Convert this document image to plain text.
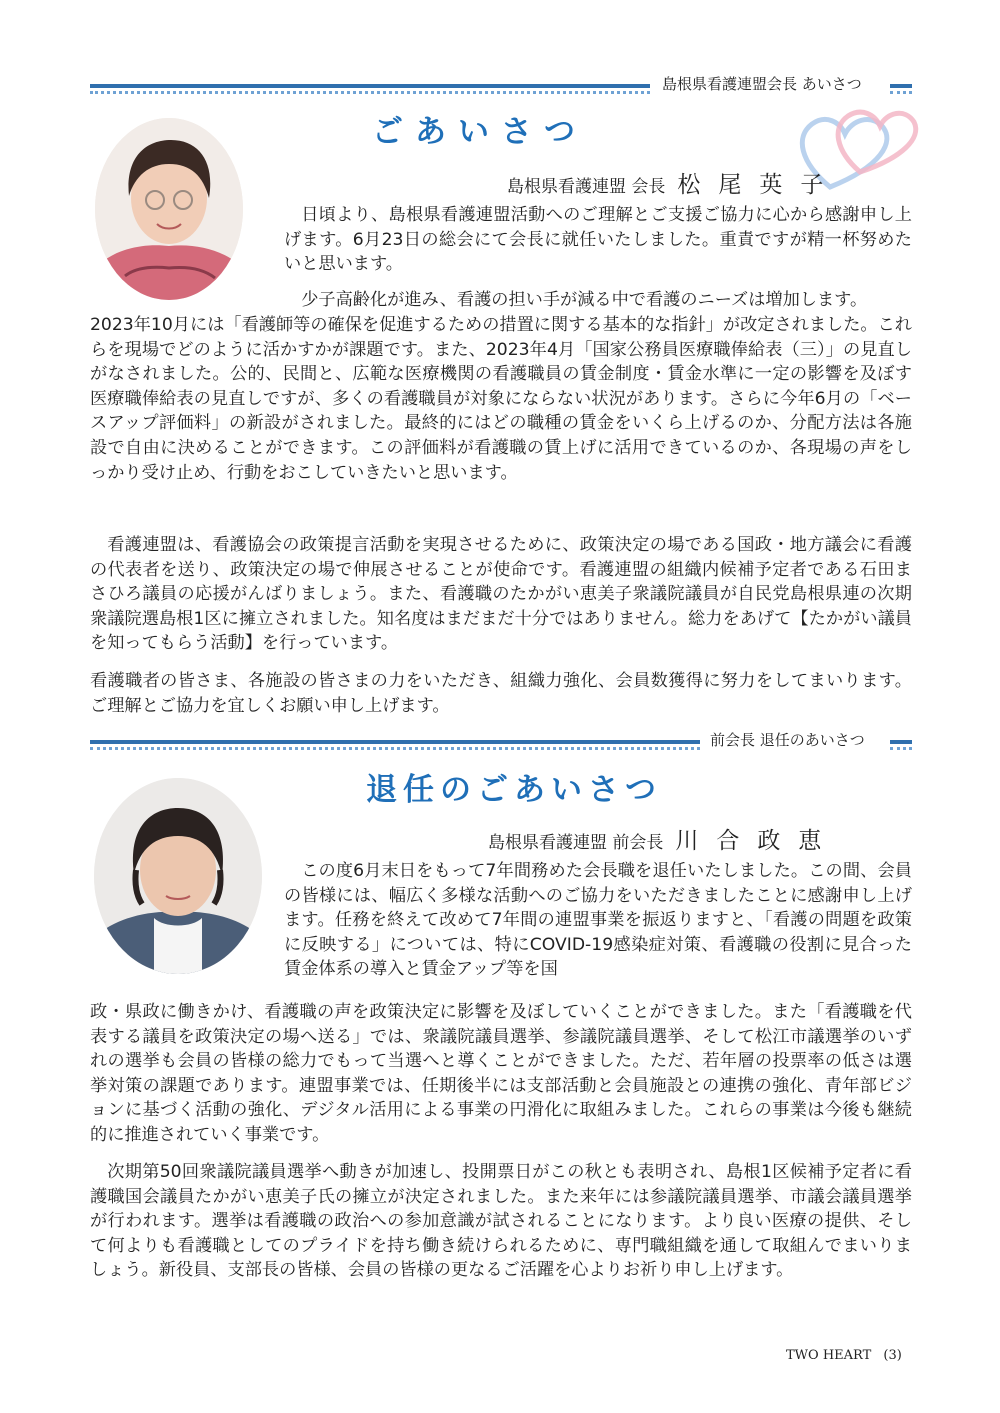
島根県看護連盟会長 あいさつ
ごあいさつ
島根県看護連盟 会長 松尾英子

日頃より、島根県看護連盟活動へのご理解とご支援ご協力に心から感謝申し上げます。6月23日の総会にて会長に就任いたしました。重責ですが精一杯努めたいと思います。

少子高齢化が進み、看護の担い手が減る中で看護のニーズは増加します。

2023年10月には「看護師等の確保を促進するための措置に関する基本的な指針」が改定されました。これらを現場でどのように活かすかが課題です。また、2023年4月「国家公務員医療職俸給表（三）」の見直しがなされました。公的、民間と、広範な医療機関の看護職員の賃金制度・賃金水準に一定の影響を及ぼす医療職俸給表の見直しですが、多くの看護職員が対象にならない状況があります。さらに今年6月の「ベースアップ評価料」の新設がされました。最終的にはどの職種の賃金をいくら上げるのか、分配方法は各施設で自由に決めることができます。この評価料が看護職の賃上げに活用できているのか、各現場の声をしっかり受け止め、行動をおこしていきたいと思います。

看護連盟は、看護協会の政策提言活動を実現させるために、政策決定の場である国政・地方議会に看護の代表者を送り、政策決定の場で伸展させることが使命です。看護連盟の組織内候補予定者である石田まさひろ議員の応援がんばりましょう。また、看護職のたかがい恵美子衆議院議員が自民党島根県連の次期衆議院選島根1区に擁立されました。知名度はまだまだ十分ではありません。総力をあげて【たかがい議員を知ってもらう活動】を行っています。

看護職者の皆さま、各施設の皆さまの力をいただき、組織力強化、会員数獲得に努力をしてまいります。ご理解とご協力を宜しくお願い申し上げます。

前会長 退任のあいさつ
退任のごあいさつ
島根県看護連盟 前会長 川合政恵

この度6月末日をもって7年間務めた会長職を退任いたしました。この間、会員の皆様には、幅広く多様な活動へのご協力をいただきましたことに感謝申し上げます。任務を終えて改めて7年間の連盟事業を振返りますと、「看護の問題を政策に反映する」については、特にCOVID-19感染症対策、看護職の役割に見合った賃金体系の導入と賃金アップ等を国

政・県政に働きかけ、看護職の声を政策決定に影響を及ぼしていくことができました。また「看護職を代表する議員を政策決定の場へ送る」では、衆議院議員選挙、参議院議員選挙、そして松江市議選挙のいずれの選挙も会員の皆様の総力でもって当選へと導くことができました。ただ、若年層の投票率の低さは選挙対策の課題であります。連盟事業では、任期後半には支部活動と会員施設との連携の強化、青年部ビジョンに基づく活動の強化、デジタル活用による事業の円滑化に取組みました。これらの事業は今後も継続的に推進されていく事業です。

次期第50回衆議院議員選挙へ動きが加速し、投開票日がこの秋とも表明され、島根1区候補予定者に看護職国会議員たかがい恵美子氏の擁立が決定されました。また来年には参議院議員選挙、市議会議員選挙が行われます。選挙は看護職の政治への参加意識が試されることになります。より良い医療の提供、そして何よりも看護職としてのプライドを持ち働き続けられるために、専門職組織を通して取組んでまいりましょう。新役員、支部長の皆様、会員の皆様の更なるご活躍を心よりお祈り申し上げます。

TWO HEART (3)
